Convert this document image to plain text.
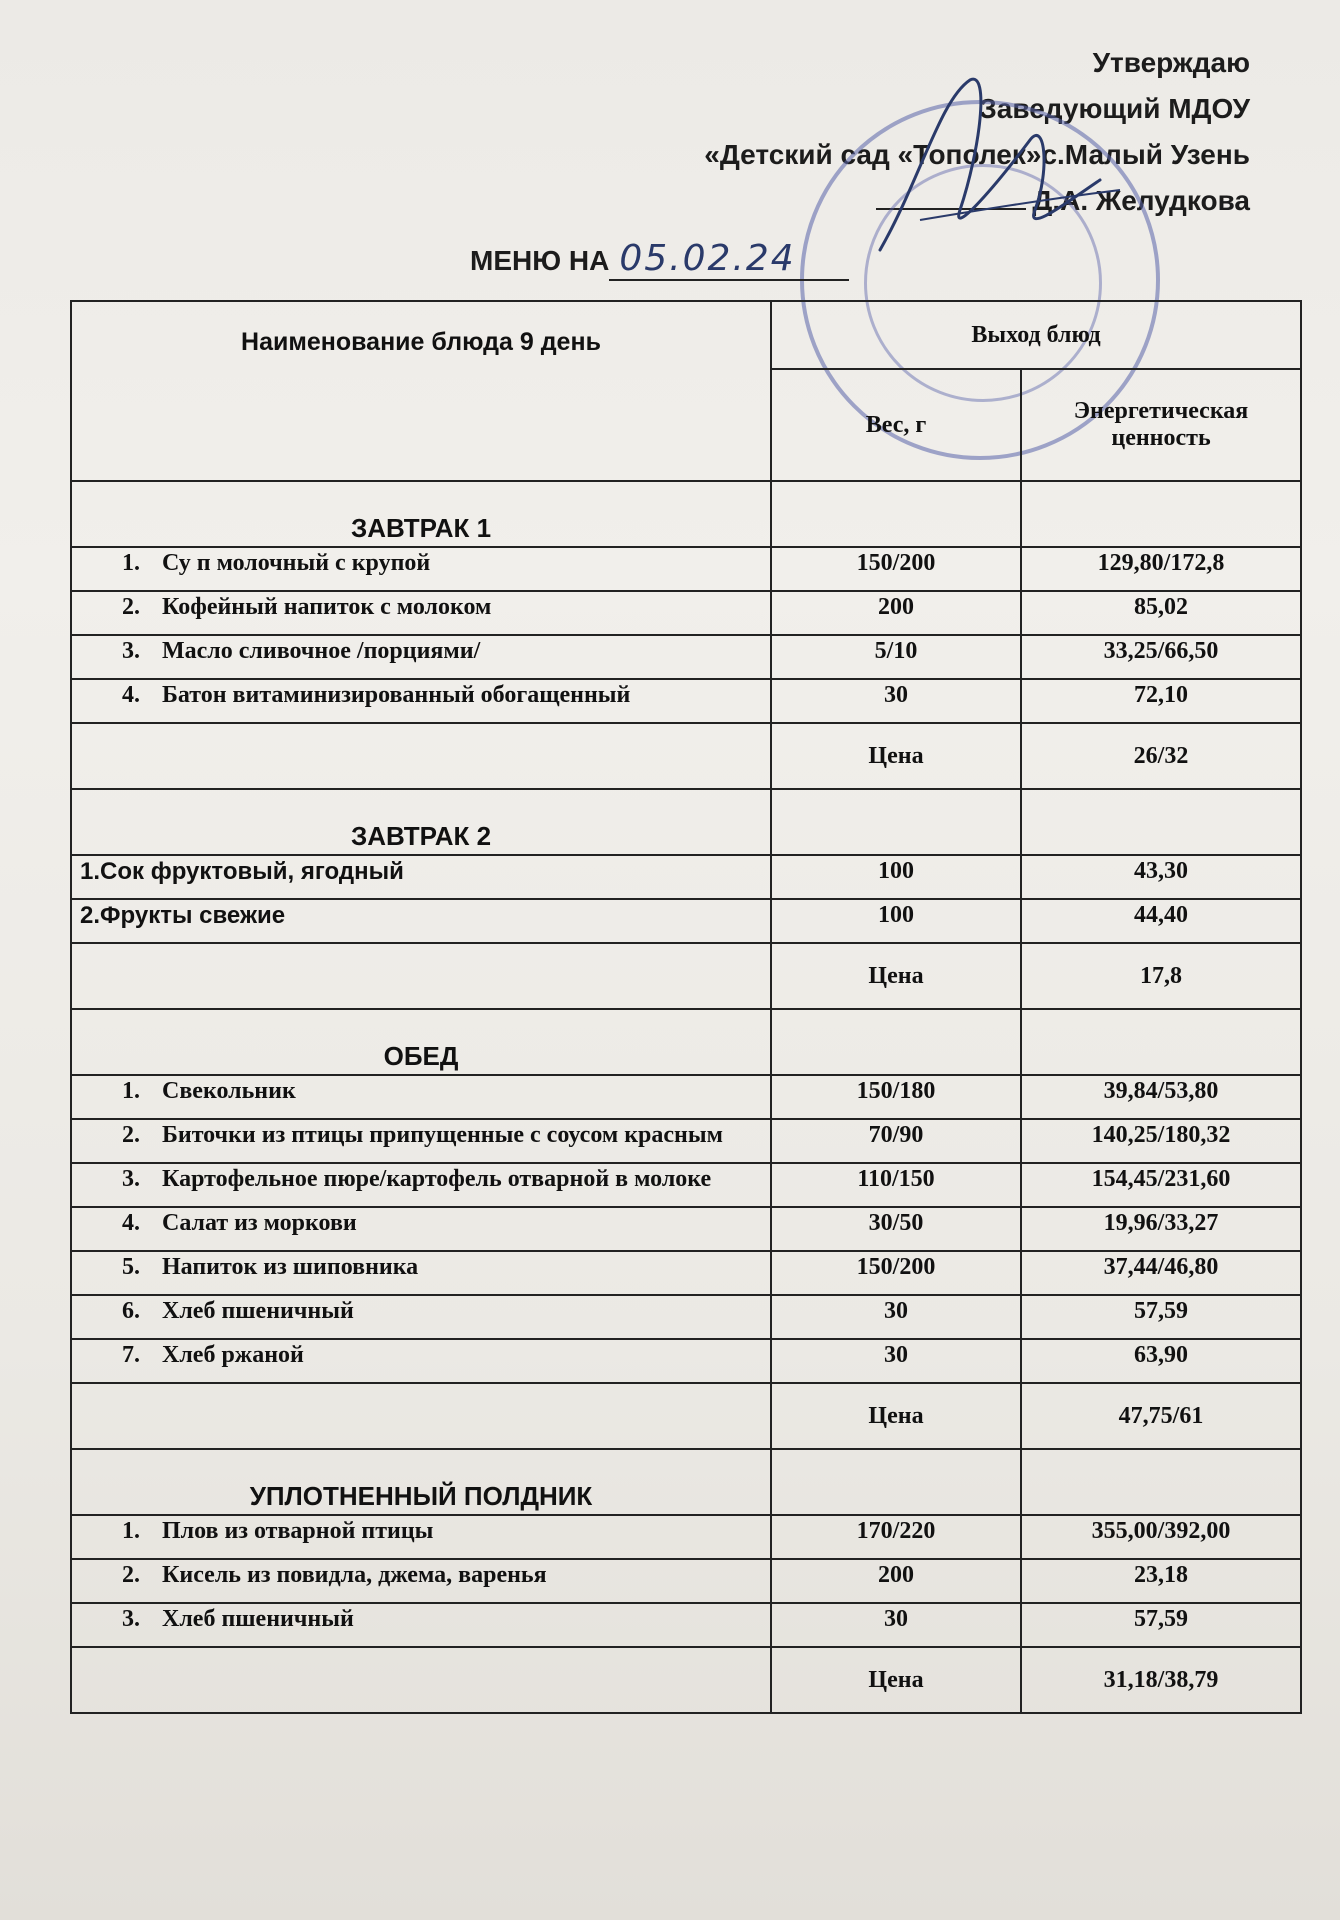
Утверждаю
Заведующий МДОУ
«Детский сад «Тополек»с.Малый Узень
Д.А. Желудкова
МЕНЮ НА 05.02.24
Наименование блюда 9 день	Выход блюд	
	Вес, г	Энергетическая ценность
ЗАВТРАК 1		
1. Су п молочный с крупой	150/200	129,80/172,8
2. Кофейный напиток с молоком	200	85,02
3. Масло сливочное /порциями/	5/10	33,25/66,50
4. Батон витаминизированный обогащенный	30	72,10
	Цена	26/32
ЗАВТРАК 2		
1.Сок фруктовый, ягодный	100	43,30
2.Фрукты свежие	100	44,40
	Цена	17,8
ОБЕД		
1. Свекольник	150/180	39,84/53,80
2. Биточки из птицы припущенные с соусом красным	70/90	140,25/180,32
3. Картофельное пюре/картофель отварной в молоке	110/150	154,45/231,60
4. Салат из моркови	30/50	19,96/33,27
5. Напиток из шиповника	150/200	37,44/46,80
6. Хлеб пшеничный	30	57,59
7. Хлеб ржаной	30	63,90
	Цена	47,75/61
УПЛОТНЕННЫЙ ПОЛДНИК		
1. Плов из отварной птицы	170/220	355,00/392,00
2. Кисель из повидла, джема, варенья	200	23,18
3. Хлеб пшеничный	30	57,59
	Цена	31,18/38,79
